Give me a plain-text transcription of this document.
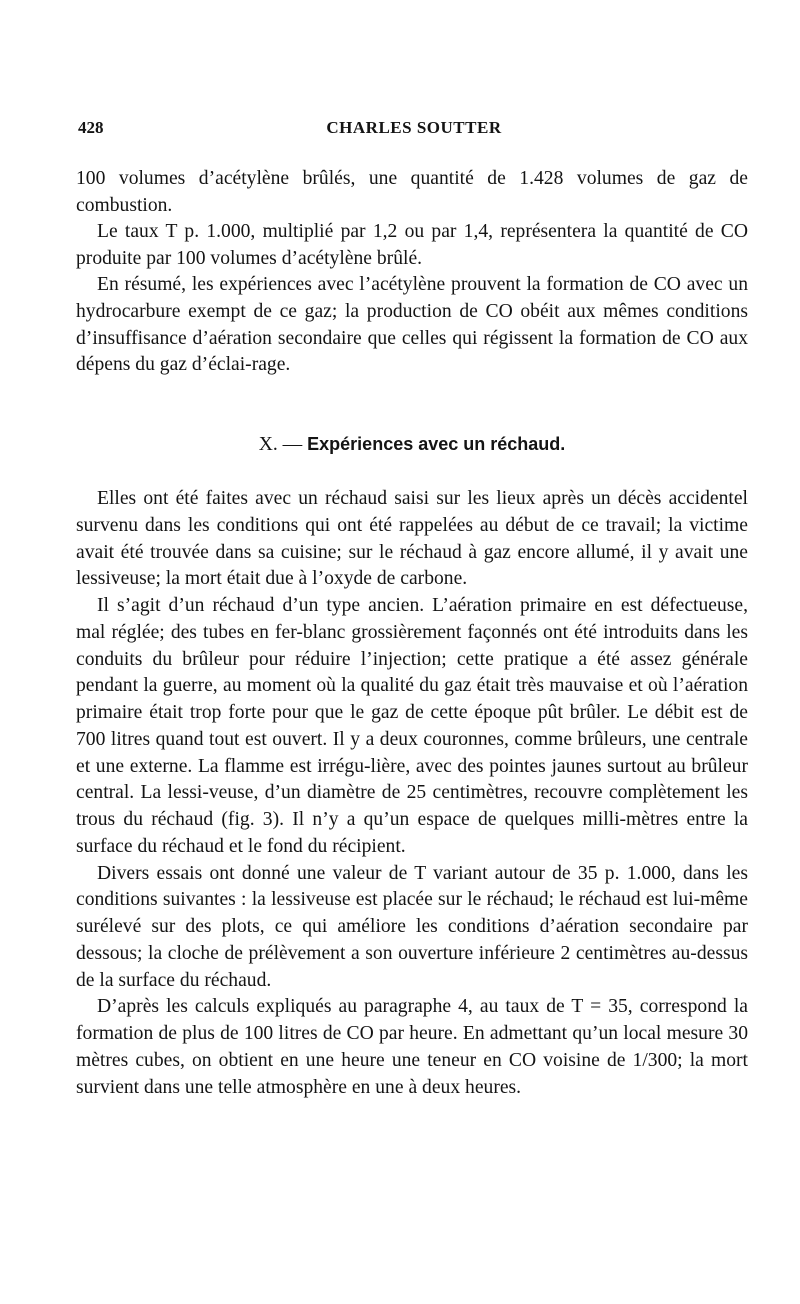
428	CHARLES SOUTTER

100 volumes d’acétylène brûlés, une quantité de 1.428 volumes de gaz de combustion.

Le taux T p. 1.000, multiplié par 1,2 ou par 1,4, représentera la quantité de CO produite par 100 volumes d’acétylène brûlé.

En résumé, les expériences avec l’acétylène prouvent la formation de CO avec un hydrocarbure exempt de ce gaz; la production de CO obéit aux mêmes conditions d’insuffisance d’aération secondaire que celles qui régissent la formation de CO aux dépens du gaz d’éclai-rage.

X. — Expériences avec un réchaud.

Elles ont été faites avec un réchaud saisi sur les lieux après un décès accidentel survenu dans les conditions qui ont été rappelées au début de ce travail; la victime avait été trouvée dans sa cuisine; sur le réchaud à gaz encore allumé, il y avait une lessiveuse; la mort était due à l’oxyde de carbone.

Il s’agit d’un réchaud d’un type ancien. L’aération primaire en est défectueuse, mal réglée; des tubes en fer-blanc grossièrement façonnés ont été introduits dans les conduits du brûleur pour réduire l’injection; cette pratique a été assez générale pendant la guerre, au moment où la qualité du gaz était très mauvaise et où l’aération primaire était trop forte pour que le gaz de cette époque pût brûler. Le débit est de 700 litres quand tout est ouvert. Il y a deux couronnes, comme brûleurs, une centrale et une externe. La flamme est irrégu-lière, avec des pointes jaunes surtout au brûleur central. La lessi-veuse, d’un diamètre de 25 centimètres, recouvre complètement les trous du réchaud (fig. 3). Il n’y a qu’un espace de quelques milli-mètres entre la surface du réchaud et le fond du récipient.

Divers essais ont donné une valeur de T variant autour de 35 p. 1.000, dans les conditions suivantes : la lessiveuse est placée sur le réchaud; le réchaud est lui-même surélevé sur des plots, ce qui améliore les conditions d’aération secondaire par dessous; la cloche de prélèvement a son ouverture inférieure 2 centimètres au-dessus de la surface du réchaud.

D’après les calculs expliqués au paragraphe 4, au taux de T = 35, correspond la formation de plus de 100 litres de CO par heure. En admettant qu’un local mesure 30 mètres cubes, on obtient en une heure une teneur en CO voisine de 1/300; la mort survient dans une telle atmosphère en une à deux heures.
